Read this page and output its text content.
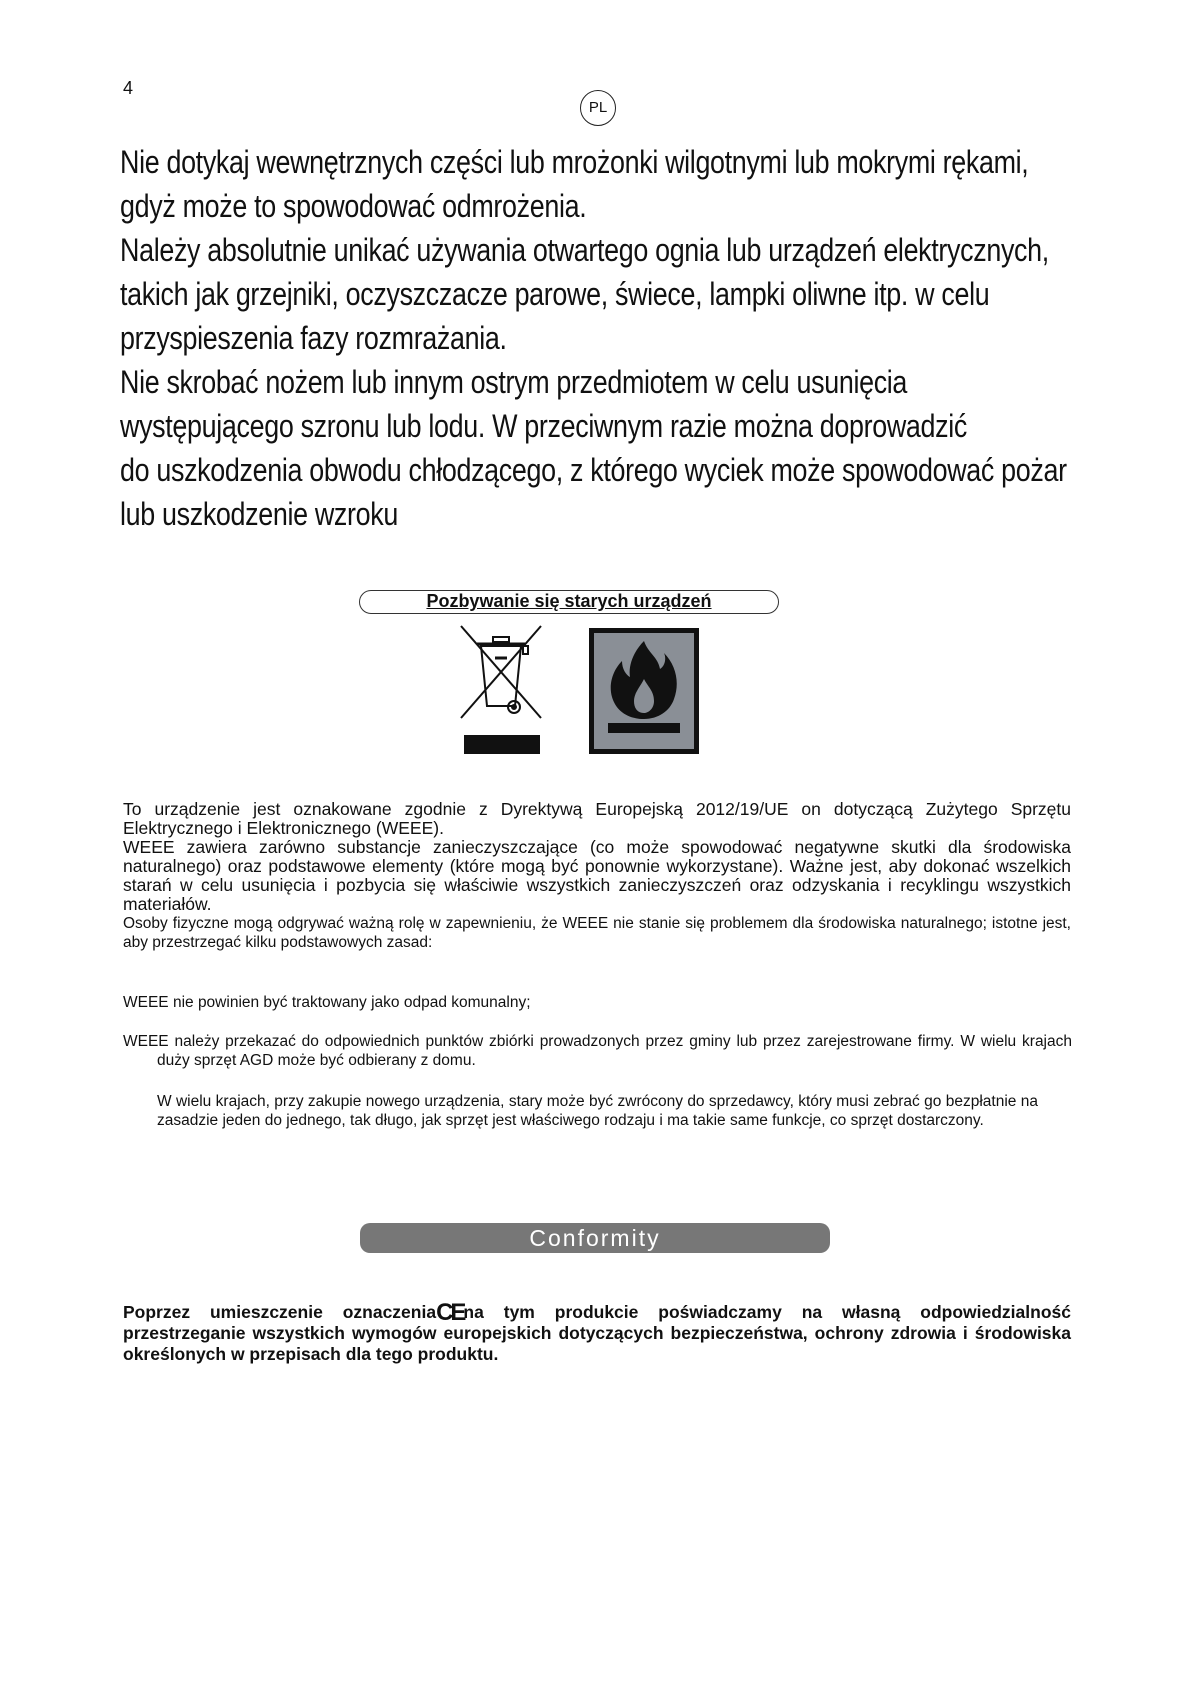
4
PL

Nie dotykaj wewnętrznych części lub mrożonki wilgotnymi lub mokrymi rękami,

gdyż może to spowodować odmrożenia.

Należy absolutnie unikać używania otwartego ognia lub urządzeń elektrycznych,

takich jak grzejniki, oczyszczacze parowe, świece, lampki oliwne itp. w celu

przyspieszenia fazy rozmrażania.

Nie skrobać nożem lub innym ostrym przedmiotem w celu usunięcia

występującego szronu lub lodu. W przeciwnym razie można doprowadzić

do uszkodzenia obwodu chłodzącego, z którego wyciek może spowodować pożar

lub uszkodzenie wzroku

Pozbywanie się starych urządzeń

To urządzenie jest oznakowane zgodnie z Dyrektywą Europejską 2012/19/UE on dotyczącą Zużytego Sprzętu Elektrycznego i Elektronicznego (WEEE).

WEEE zawiera zarówno substancje zanieczyszczające (co może spowodować negatywne skutki dla środowiska naturalnego) oraz podstawowe elementy (które mogą być ponownie wykorzystane). Ważne jest, aby dokonać wszelkich starań w celu usunięcia i pozbycia się właściwie wszystkich zanieczyszczeń oraz odzyskania i recyklingu wszystkich materiałów.

Osoby fizyczne mogą odgrywać ważną rolę w zapewnieniu, że WEEE nie stanie się problemem dla środowiska naturalnego; istotne jest, aby przestrzegać kilku podstawowych zasad:

WEEE nie powinien być traktowany jako odpad komunalny;
WEEE należy przekazać do odpowiednich punktów zbiórki prowadzonych przez gminy lub przez zarejestrowane firmy. W wielu krajach duży sprzęt AGD może być odbierany z domu.
W wielu krajach, przy zakupie nowego urządzenia, stary może być zwrócony do sprzedawcy, który musi zebrać go bezpłatnie na zasadzie jeden do jednego, tak długo, jak sprzęt jest właściwego rodzaju i ma takie same funkcje, co sprzęt dostarczony.
Conformity
Poprzez umieszczenie oznaczeniaCEna tym produkcie poświadczamy na własną odpowiedzialność przestrzeganie wszystkich wymogów europejskich dotyczących bezpieczeństwa, ochrony zdrowia i środowiska określonych w przepisach dla tego produktu.
